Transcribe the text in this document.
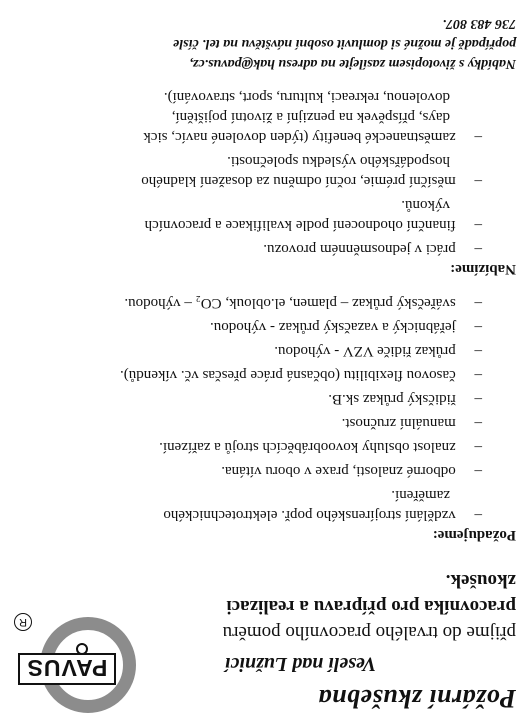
Požární zkušebna
Veselí nad Lužnicí
PAVUS
R	přijme do trvalého pracovního poměru
pracovníka pro přípravu a realizaci
zkoušek.
Požadujeme:
–     vzdělání strojírenského popř. elektrotechnického
zaměření.
–     odborné znalosti, praxe v oboru vítána.
–     znalost obsluhy kovoobráběcích strojů a zařízení.
–     manuální zručnost.
–     řidičský průkaz sk.B.
–     časovou flexibilitu (občasná práce přesčas vč. víkendů).
–     průkaz řidiče VZV - výhodou.
–     jeřábnický a vazačský průkaz - výhodou.
–     svářečský průkaz – plamen, el.oblouk, CO₂ – výhodou.
Nabízíme:
–     práci v jednosměnném provozu.
–     finanční ohodnocení podle kvalifikace a pracovních
výkonů.
–     měsíční prémie, roční odměnu za dosažení kladného
hospodářského výsledku společnosti.
–     zaměstnanecké benefity (týden dovolené navíc, sick
days, příspěvek na penzijní a životní pojištění,
dovolenou, rekreaci, kulturu, sport, stravování).
Nabídky s životopisem zasílejte na adresu hak@pavus.cz,
popřípadě je možné si domluvit osobní návštěvu na tel. čísle
736 483 807.
